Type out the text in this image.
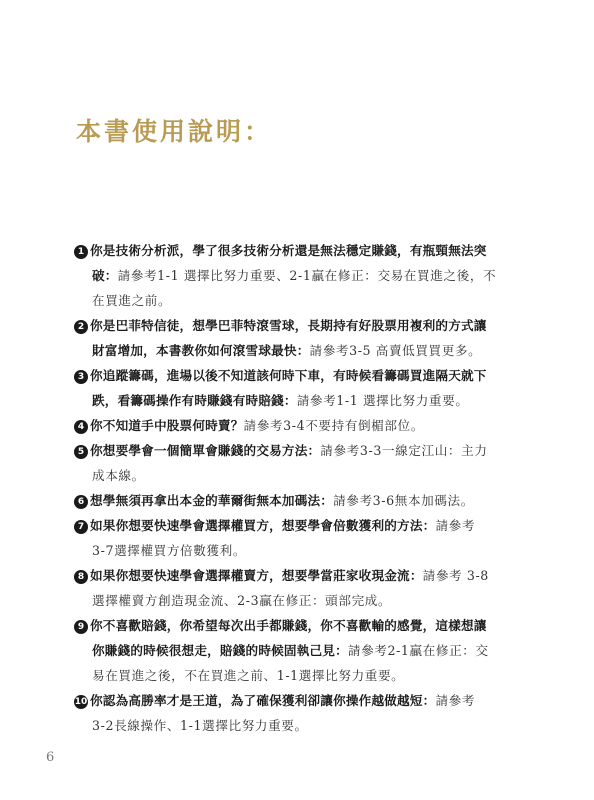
本書使用說明：
1 你是技術分析派，學了很多技術分析還是無法穩定賺錢，有瓶頸無法突
破：請參考1-1 選擇比努力重要、2-1贏在修正：交易在買進之後，不
在買進之前。
2 你是巴菲特信徒，想學巴菲特滾雪球，長期持有好股票用複利的方式讓
財富增加，本書教你如何滾雪球最快：請參考3-5 高賣低買買更多。
3 你追蹤籌碼，進場以後不知道該何時下車，有時候看籌碼買進隔天就下
跌，看籌碼操作有時賺錢有時賠錢：請參考1-1 選擇比努力重要。
4 你不知道手中股票何時賣？請參考3-4不要持有倒楣部位。
5 你想要學會一個簡單會賺錢的交易方法：請參考3-3一線定江山：主力
成本線。
6 想學無須再拿出本金的華爾街無本加碼法：請參考3-6無本加碼法。
7 如果你想要快速學會選擇權買方，想要學會倍數獲利的方法：請參考
3-7選擇權買方倍數獲利。
8 如果你想要快速學會選擇權賣方，想要學當莊家收現金流：請參考 3-8
選擇權賣方創造現金流、2-3贏在修正：頭部完成。
9 你不喜歡賠錢，你希望每次出手都賺錢，你不喜歡輸的感覺，這樣想讓
你賺錢的時候很想走，賠錢的時候固執己見：請參考2-1贏在修正：交
易在買進之後，不在買進之前、1-1選擇比努力重要。
10 你認為高勝率才是王道，為了確保獲利卻讓你操作越做越短：請參考
3-2長線操作、1-1選擇比努力重要。
6
